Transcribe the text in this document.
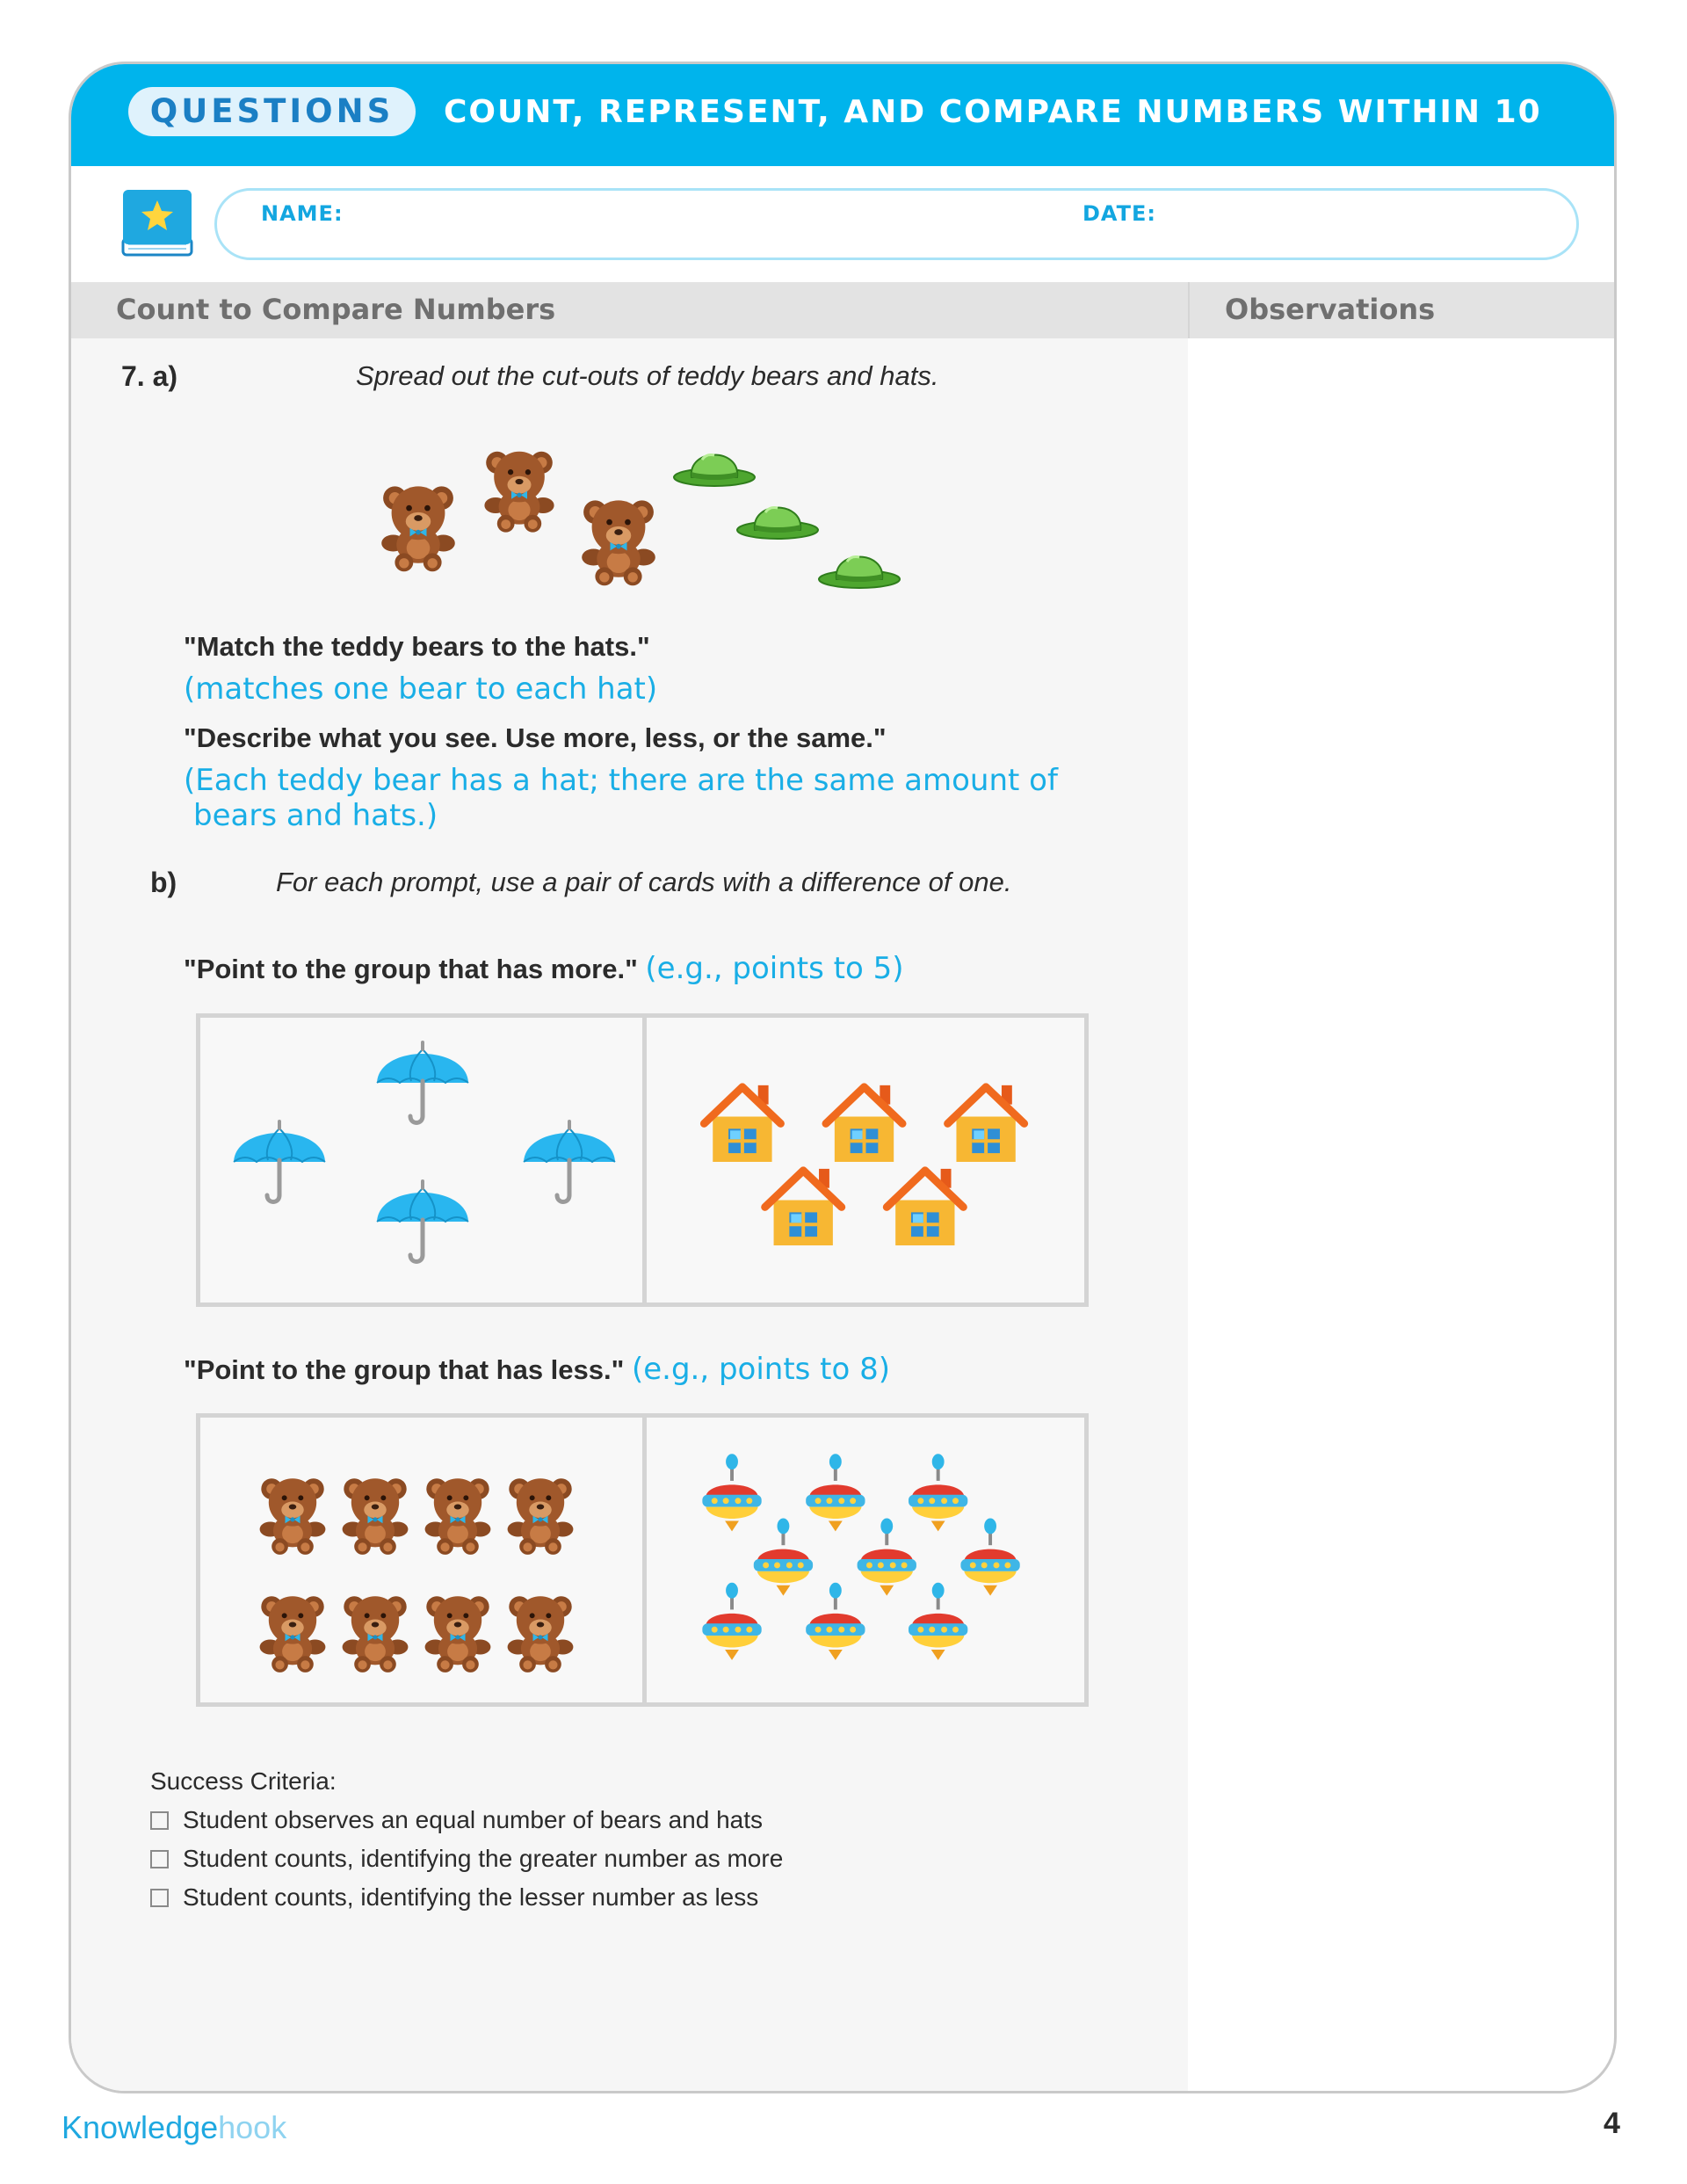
QUESTIONS	COUNT, REPRESENT, AND COMPARE NUMBERS WITHIN 10
NAME:	DATE:
Count to Compare Numbers	Observations
7. a)	Spread out the cut-outs of teddy bears and hats.
"Match the teddy bears to the hats."
(matches one bear to each hat)
"Describe what you see. Use more, less, or the same."
(Each teddy bear has a hat; there are the same amount of
bears and hats.)
b)	For each prompt, use a pair of cards with a difference of one.
"Point to the group that has more." (e.g., points to 5)
"Point to the group that has less." (e.g., points to 8)
Success Criteria:
Student observes an equal number of bears and hats
Student counts, identifying the greater number as more
Student counts, identifying the lesser number as less
Knowledgehook	4
